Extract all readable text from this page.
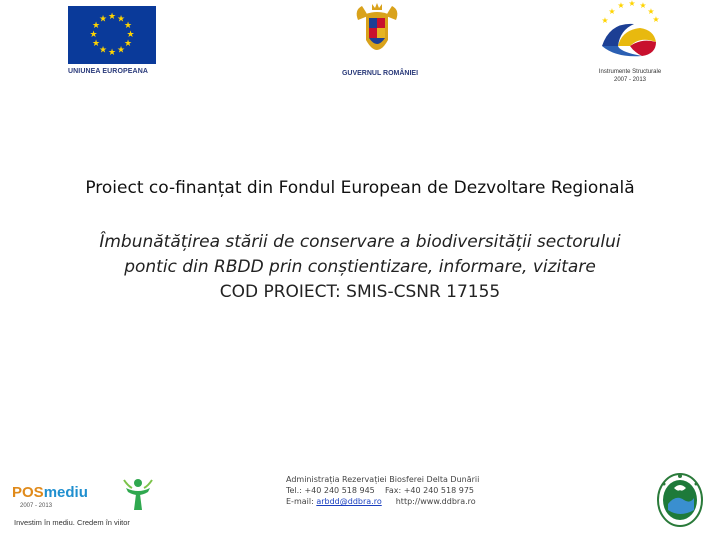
★ ★
★
★
★
★
★
★
★
★
★
★
UNIUNEA EUROPEANA	GUVERNUL ROMÂNIEI
★
★ ★ ★
★
★	★
Instrumente Structurale
2007 - 2013
Proiect co-finanțat din Fondul European de Dezvoltare Regională
Îmbunătățirea stării de conservare a biodiversității sectorului
pontic din RBDD prin conștientizare, informare, vizitare
COD PROIECT: SMIS-CSNR 17155
POSmediu
2007 - 2013
Investim în mediu. Credem în viitor
Administrația Rezervației Biosferei Delta Dunării
Tel.: +40 240 518 945    Fax: +40 240 518 975
E-mail: arbdd@ddbra.ro http://www.ddbra.ro
